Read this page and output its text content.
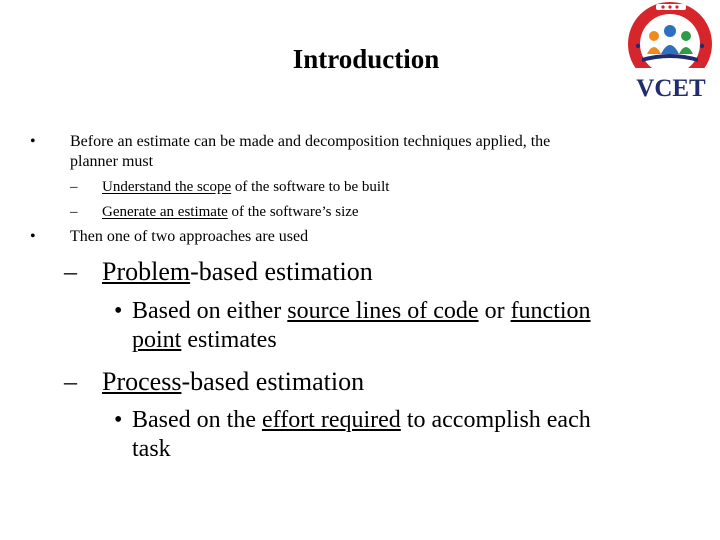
Introduction
VCET
• Before an estimate can be made and decomposition techniques applied, the
planner must
– Understand the scope of the software to be built
– Generate an estimate of the software’s size
• Then one of two approaches are used
– Problem-based estimation
• Based on either source lines of code or function
point estimates
– Process-based estimation
• Based on the effort required to accomplish each
task
